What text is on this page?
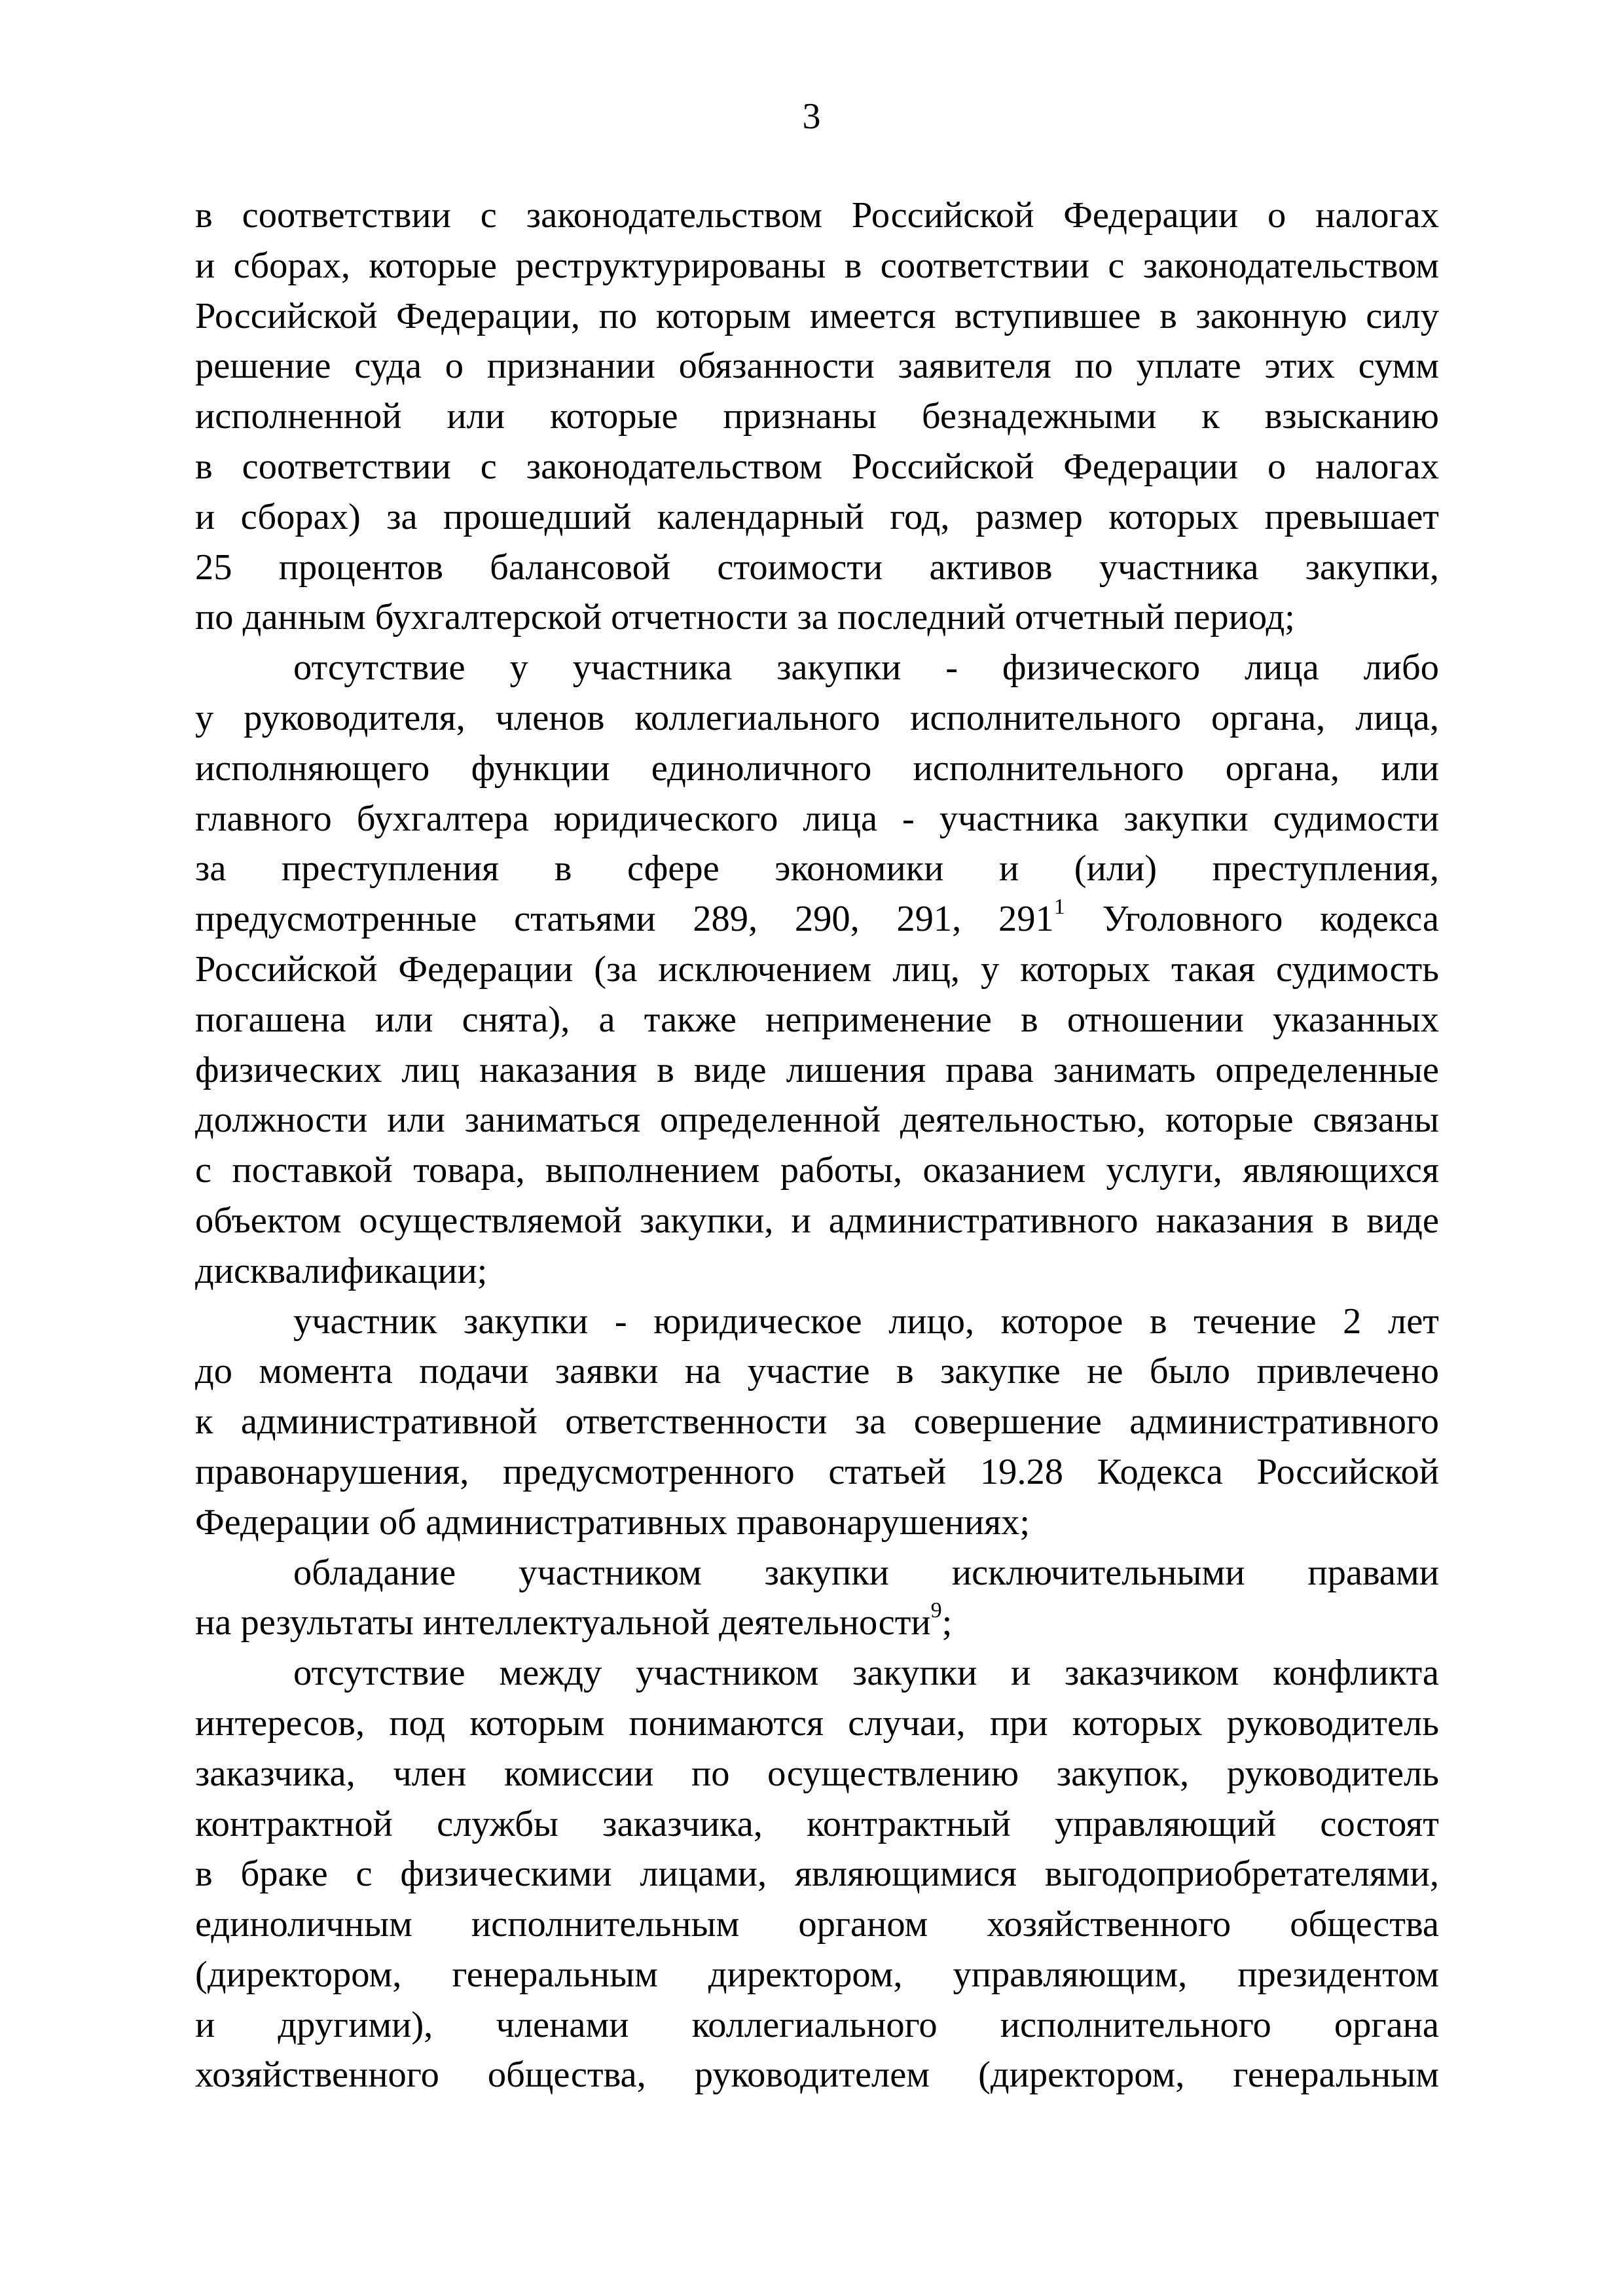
3
в соответствии с законодательством Российской Федерации о налогах
и сборах, которые реструктурированы в соответствии с законодательством
Российской Федерации, по которым имеется вступившее в законную силу
решение суда о признании обязанности заявителя по уплате этих сумм
исполненной или которые признаны безнадежными к взысканию
в соответствии с законодательством Российской Федерации о налогах
и сборах) за прошедший календарный год, размер которых превышает
25 процентов балансовой стоимости активов участника закупки,
по данным бухгалтерской отчетности за последний отчетный период;
отсутствие у участника закупки - физического лица либо
у руководителя, членов коллегиального исполнительного органа, лица,
исполняющего функции единоличного исполнительного органа, или
главного бухгалтера юридического лица - участника закупки судимости
за преступления в сфере экономики и (или) преступления,
предусмотренные статьями 289, 290, 291, $291^1$ Уголовного кодекса
Российской Федерации (за исключением лиц, у которых такая судимость
погашена или снята), а также неприменение в отношении указанных
физических лиц наказания в виде лишения права занимать определенные
должности или заниматься определенной деятельностью, которые связаны
с поставкой товара, выполнением работы, оказанием услуги, являющихся
объектом осуществляемой закупки, и административного наказания в виде
дисквалификации;
участник закупки - юридическое лицо, которое в течение 2 лет
до момента подачи заявки на участие в закупке не было привлечено
к административной ответственности за совершение административного
правонарушения, предусмотренного статьей 19.28 Кодекса Российской
Федерации об административных правонарушениях;
обладание участником закупки исключительными правами
на результаты интеллектуальной деятельности$^9$;
отсутствие между участником закупки и заказчиком конфликта
интересов, под которым понимаются случаи, при которых руководитель
заказчика, член комиссии по осуществлению закупок, руководитель
контрактной службы заказчика, контрактный управляющий состоят
в браке с физическими лицами, являющимися выгодоприобретателями,
единоличным исполнительным органом хозяйственного общества
(директором, генеральным директором, управляющим, президентом
и другими), членами коллегиального исполнительного органа
хозяйственного общества, руководителем (директором, генеральным
